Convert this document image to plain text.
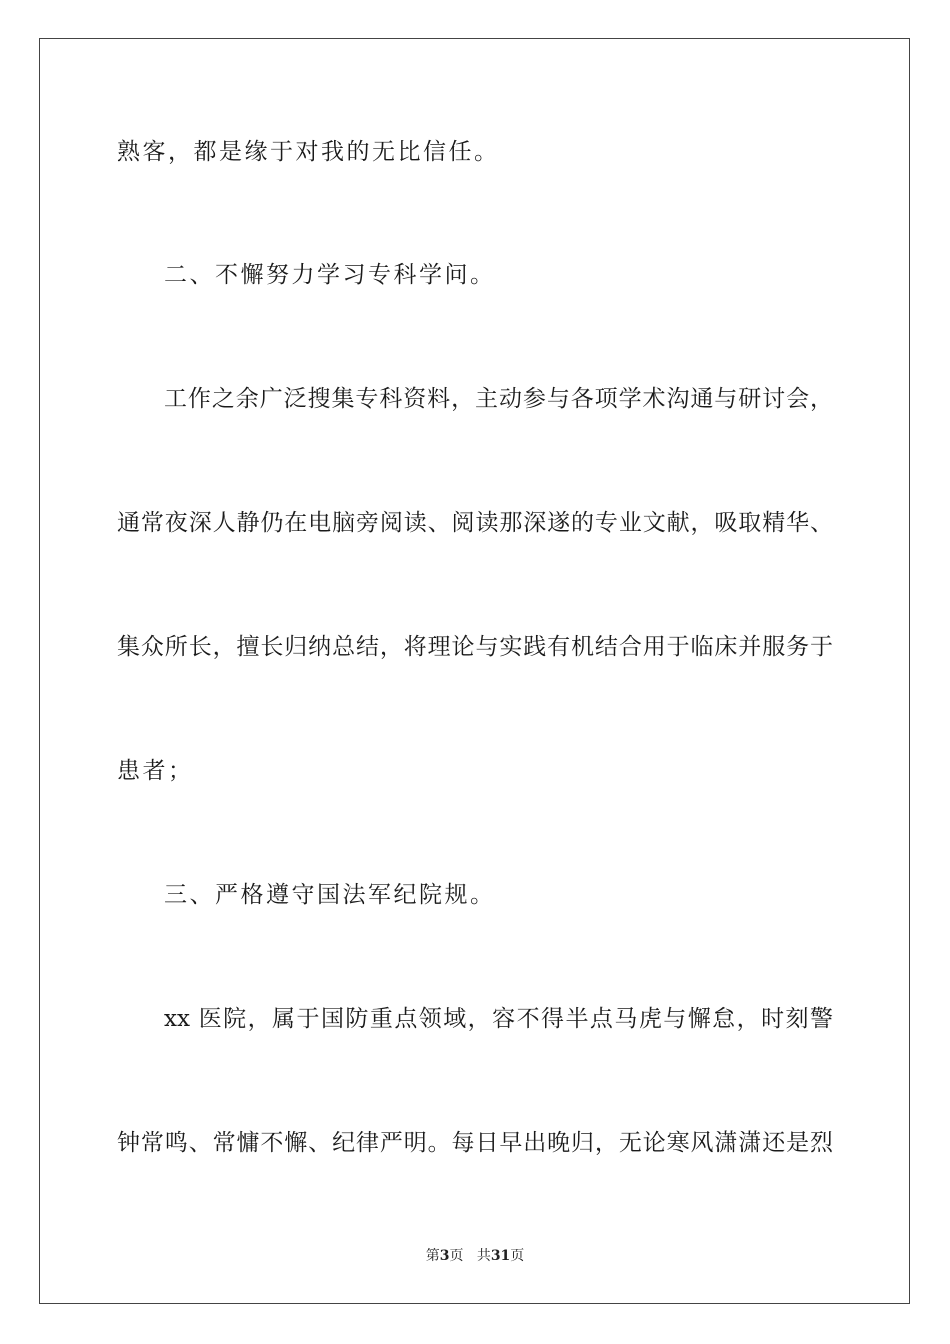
熟客，都是缘于对我的无比信任。
二、不懈努力学习专科学问。
工作之余广泛搜集专科资料，主动参与各项学术沟通与研讨会，
通常夜深人静仍在电脑旁阅读、阅读那深遂的专业文献，吸取精华、
集众所长，擅长归纳总结，将理论与实践有机结合用于临床并服务于
患者；
三、严格遵守国法军纪院规。
xx 医院，属于国防重点领域，容不得半点马虎与懈怠，时刻警
钟常鸣、常慵不懈、纪律严明。每日早出晚归，无论寒风潇潇还是烈
第3页 共31页
